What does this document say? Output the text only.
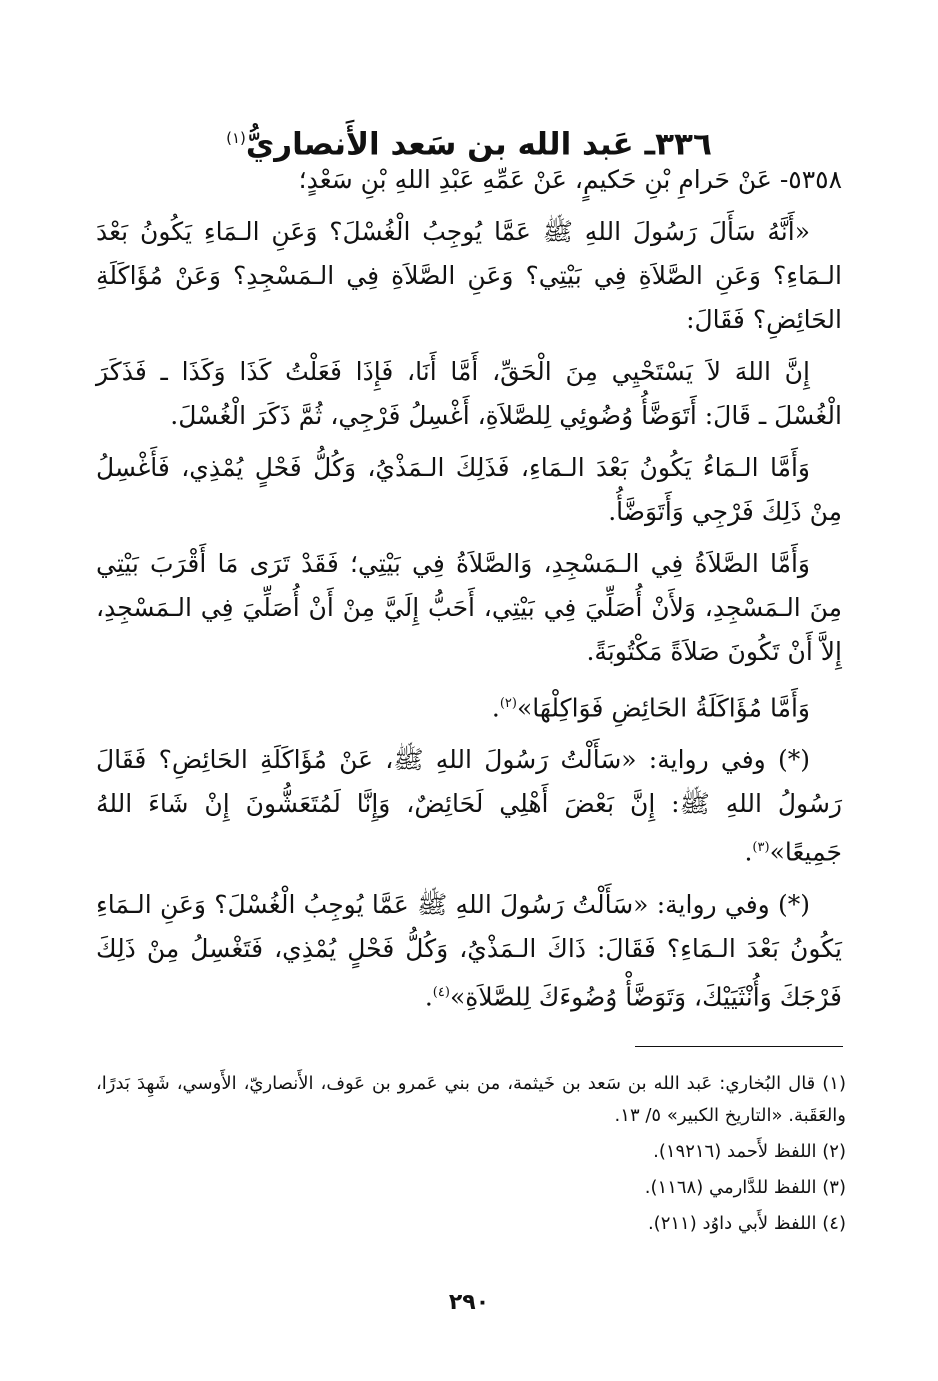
٣٣٦ـ عَبد الله بن سَعد الأَنصاريُّ$^{(١)}$

٥٣٥٨- عَنْ حَرامِ بْنِ حَكيمٍ، عَنْ عَمِّهِ عَبْدِ اللهِ بْنِ سَعْدٍ؛

«أَنَّهُ سَأَلَ رَسُولَ اللهِ ﷺ عَمَّا يُوجِبُ الْغُسْلَ؟ وَعَنِ الـمَاءِ يَكُونُ بَعْدَ الـمَاءِ؟ وَعَنِ الصَّلاَةِ فِي بَيْتِي؟ وَعَنِ الصَّلاَةِ فِي الـمَسْجِدِ؟ وَعَنْ مُؤَاكَلَةِ الحَائِضِ؟ فَقَالَ:

إِنَّ اللهَ لاَ يَسْتَحْيِي مِنَ الْحَقِّ، أَمَّا أَنَا، فَإِذَا فَعَلْتُ كَذَا وَكَذَا ـ فَذَكَرَ الْغُسْلَ ـ قَالَ: أَتَوَضَّأُ وُضُوئِي لِلصَّلاَةِ، أَغْسِلُ فَرْجِي، ثُمَّ ذَكَرَ الْغُسْلَ.

وَأَمَّا الـمَاءُ يَكُونُ بَعْدَ الـمَاءِ، فَذَلِكَ الـمَذْيُ، وَكُلُّ فَحْلٍ يُمْذِي، فَأَغْسِلُ مِنْ ذَلِكَ فَرْجِي وَأَتَوَضَّأُ.

وَأَمَّا الصَّلاَةُ فِي الـمَسْجِدِ، وَالصَّلاَةُ فِي بَيْتِي؛ فَقَدْ تَرَى مَا أَقْرَبَ بَيْتِي مِنَ الـمَسْجِدِ، وَلأَنْ أُصَلِّيَ فِي بَيْتِي، أَحَبُّ إِلَيَّ مِنْ أَنْ أُصَلِّيَ فِي الـمَسْجِدِ، إِلاَّ أَنْ تَكُونَ صَلاَةً مَكْتُوبَةً.

وَأَمَّا مُؤَاكَلَةُ الحَائِضِ فَوَاكِلْهَا»$^{(٢)}$.

(*) وفي رواية: «سَأَلْتُ رَسُولَ اللهِ ﷺ، عَنْ مُؤَاكَلَةِ الحَائِضِ؟ فَقَالَ رَسُولُ اللهِ ﷺ: إِنَّ بَعْضَ أَهْلِي لَحَائِضٌ، وَإِنَّا لَمُتَعَشُّونَ إِنْ شَاءَ اللهُ جَمِيعًا»$^{(٣)}$.

(*) وفي رواية: «سَأَلْتُ رَسُولَ اللهِ ﷺ عَمَّا يُوجِبُ الْغُسْلَ؟ وَعَنِ الـمَاءِ يَكُونُ بَعْدَ الـمَاءِ؟ فَقَالَ: ذَاكَ الـمَذْيُ، وَكُلُّ فَحْلٍ يُمْذِي، فَتَغْسِلُ مِنْ ذَلِكَ فَرْجَكَ وَأُنْثَيَيْكَ، وَتَوَضَّأْ وُضُوءَكَ لِلصَّلاَةِ»$^{(٤)}$.

(١) قال البُخاري: عَبد الله بن سَعد بن خَيثمة، من بني عَمرو بن عَوف، الأَنصاريّ، الأَوسي، شَهِدَ بَدرًا، والعَقَبة. «التاريخ الكبير» ٥/ ١٣.

(٢) اللفظ لأَحمد (١٩٢١٦).

(٣) اللفظ للدَّارمي (١١٦٨).

(٤) اللفظ لأَبي داوُد (٢١١).

٢٩٠
